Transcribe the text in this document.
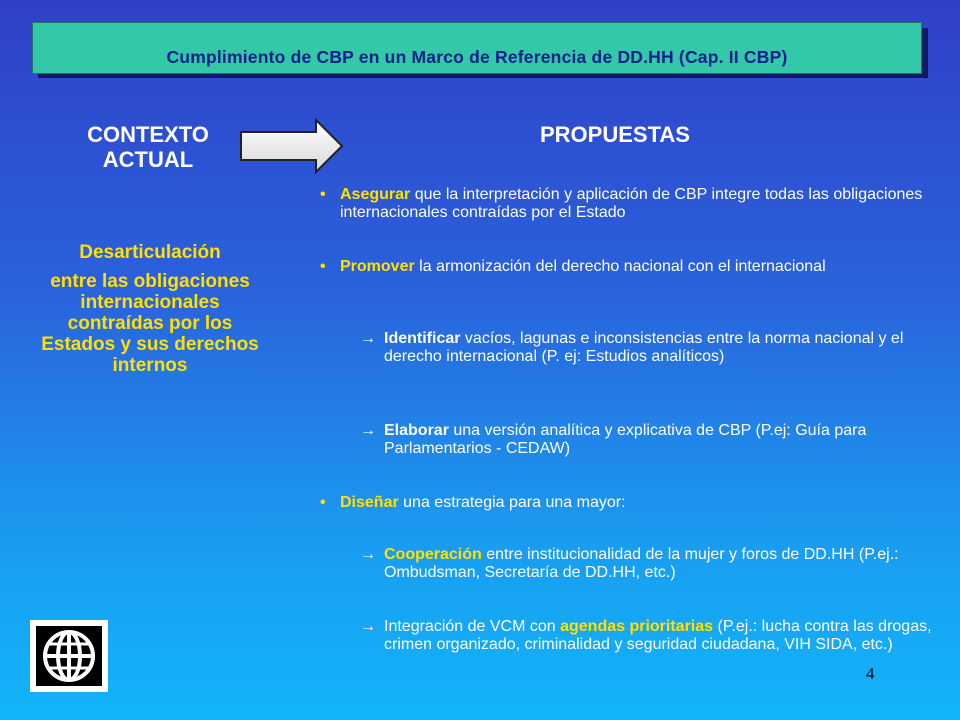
Cumplimiento de CBP en un Marco de Referencia de DD.HH (Cap. II CBP)
CONTEXTO
ACTUAL
PROPUESTAS
Desarticulación
entre las obligaciones internacionales contraídas por los Estados y sus derechos internos
• Asegurar que la interpretación y aplicación de CBP integre todas las obligaciones internacionales contraídas por el Estado
• Promover la armonización del derecho nacional con el internacional
→ Identificar vacíos, lagunas e inconsistencias entre la norma nacional y el derecho internacional (P. ej: Estudios analíticos)
→ Elaborar una versión analítica y explicativa de CBP (P.ej: Guía para Parlamentarios - CEDAW)
• Diseñar una estrategia para una mayor:
→ Cooperación entre institucionalidad de la mujer y foros de DD.HH (P.ej.: Ombudsman, Secretaría de DD.HH, etc.)
→ Integración de VCM con agendas prioritarias (P.ej.: lucha contra las drogas, crimen organizado, criminalidad y seguridad ciudadana, VIH SIDA, etc.)
4
